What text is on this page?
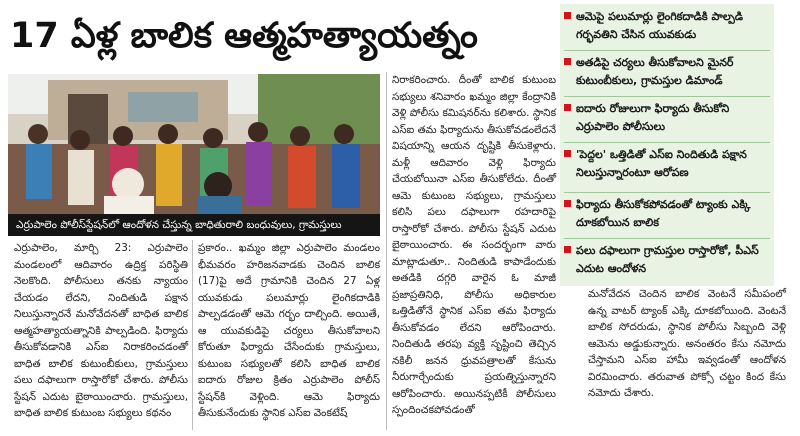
17 ఏళ్ల బాలిక ఆత్మహత్యాయత్నం
ఎర్రుపాలెం పోలీస్‌స్టేషన్‌లో ఆందోళన చేస్తున్న బాధితురాలి బంధువులు, గ్రామస్తులు

ఎర్రుపాలెం, మార్చి 23: ఎర్రుపాలెం మండలంలో ఆదివారం ఉద్రిక్త పరిస్థితి నెలకొంది. పోలీసులు తనకు న్యాయం చేయడం లేదని, నిందితుడి పక్షాన నిలుస్తున్నారనే మనోవేదనతో బాధిత బాలిక ఆత్మహత్యాయత్నానికి పాల్పడింది. ఫిర్యాదు తీసుకోవడానికి ఎస్ఐ నిరాకరించడంతో బాధిత బాలిక కుటుంబీకులు, గ్రామస్తులు పలు దఫాలుగా రాస్తారోకో చేశారు. పోలీసు స్టేషన్ ఎదుట బైఠాయించారు. గ్రామస్తులు, బాధిత బాలిక కుటుంబ సభ్యులు కథనం

ప్రకారం.. ఖమ్మం జిల్లా ఎర్రుపాలెం మండలం భీమవరం హరిజనవాడకు చెందిన బాలిక (17)పై అదే గ్రామానికి చెందిన 27 ఏళ్ల యువకుడు పలుమార్లు లైంగికదాడికి పాల్పడడంతో ఆమె గర్భం దాల్చింది. అయితే, ఆ యువకుడిపై చర్యలు తీసుకోవాలని కోరుతూ ఫిర్యాదు చేసేందుకు గ్రామస్తులు, కుటుంబ సభ్యులతో కలిసి బాధిత బాలిక ఐదారు రోజుల క్రితం ఎర్రుపాలెం పోలీస్ స్టేషన్‌కి వెళ్లింది. ఆమె ఫిర్యాదు తీసుకునేందుకు స్థానిక ఎస్ఐ వెంకటేష్

నిరాకరించారు. దీంతో బాలిక కుటుంబ సభ్యులు శనివారం ఖమ్మం జిల్లా కేంద్రానికి వెళ్లి పోలీసు కమిషనర్‌ను కలిశారు. స్థానిక ఎస్ఐ తమ ఫిర్యాదును తీసుకోవడంలేదనే విషయాన్ని ఆయన దృష్టికి తీసుకెళ్లారు. మళ్లీ ఆదివారం వెళ్లి ఫిర్యాదు చేయబోయినా ఎస్ఐ తీసుకోలేదు. దీంతో ఆమె కుటుంబ సభ్యులు, గ్రామస్తులు కలిసి పలు దఫాలుగా రహదారిపై రాస్తారోకో చేశారు. పోలీసు స్టేషన్ ఎదుట బైఠాయించారు. ఈ సందర్భంగా వారు మాట్లాడుతూ.. నిందితుడి కాపాడేందుకు అతడికి దగ్గరి వారైన ఓ మాజీ ప్రజాప్రతినిధి, పోలీసు అధికారుల ఒత్తిడితోనే స్థానిక ఎస్ఐ తమ ఫిర్యాదు తీసుకోవడం లేదని ఆరోపించారు. నిందితుడి తరపు వ్యక్తి సృష్టించి తెచ్చిన నకిలీ జనన ధ్రువపత్రాలతో కేసును నీరుగార్చేందుకు ప్రయత్నిస్తున్నారని ఆరోపించారు. అయినప్పటికీ పోలీసులు స్పందించకపోవడంతో

మనోవేదన చెందిన బాలిక వెంటనే సమీపంలో ఉన్న వాటర్ ట్యాంక్ ఎక్కి దూకబోయింది. వెంటనే బాలిక సోదరుడు, స్థానిక పోలీసు సిబ్బంది వెళ్లి ఆమెను అడ్డుకున్నారు. అనంతరం కేసు నమోదు చేస్తామని ఎస్ఐ హామీ ఇవ్వడంతో ఆందోళన విరమించారు. తరువాత పోక్సో చట్టం కింద కేసు నమోదు చేశారు.

ఆమెపై పలుమార్లు లైంగికదాడికి పాల్పడి గర్భవతిని చేసిన యువకుడు
అతడిపై చర్యలు తీసుకోవాలని మైనర్ కుటుంబీకులు, గ్రామస్తుల డిమాండ్
ఐదారు రోజులుగా ఫిర్యాదు తీసుకోని ఎర్రుపాలెం పోలీసులు
'పెద్దల' ఒత్తిడితో ఎస్ఐ నిందితుడి పక్షాన నిలుస్తున్నారంటూ ఆరోపణ
ఫిర్యాదు తీసుకోకపోవడంతో ట్యాంకు ఎక్కి దూకబోయిన బాలిక
పలు దఫాలుగా గ్రామస్తుల రాస్తారోకో, పీఎస్ ఎదుట ఆందోళన
